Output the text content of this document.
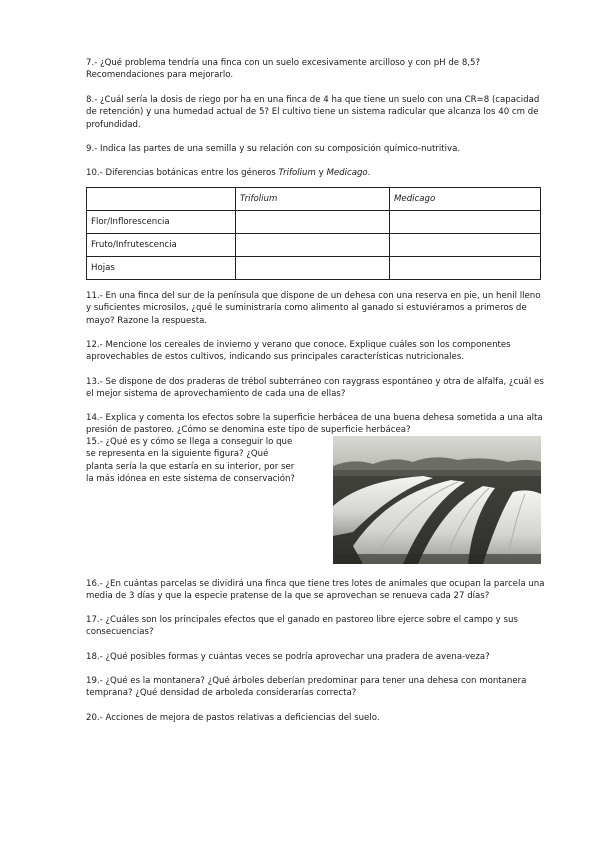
7.- ¿Qué problema tendría una finca con un suelo excesivamente arcilloso y con pH de 8,5? Recomendaciones para mejorarlo.

8.- ¿Cuál sería la dosis de riego por ha en una finca de 4 ha que tiene un suelo con una CR=8 (capacidad de retención) y una humedad actual de 5? El cultivo tiene un sistema radicular que alcanza los 40 cm de profundidad.

9.- Indica las partes de una semilla y su relación con su composición químico-nutritiva.

10.- Diferencias botánicas entre los géneros Trifolium y Medicago.

	Trifolium	Medicago
Flor/Inflorescencia		
Fruto/Infrutescencia		
Hojas		

11.- En una finca del sur de la península que dispone de un dehesa con una reserva en pie, un henil lleno y suficientes microsilos, ¿qué le suministraría como alimento al ganado si estuviéramos a primeros de mayo? Razone la respuesta.

12.- Mencione los cereales de invierno y verano que conoce. Explique cuáles son los componentes aprovechables de estos cultivos, indicando sus principales características nutricionales.

13.- Se dispone de dos praderas de trébol subterráneo con raygrass espontáneo y otra de alfalfa, ¿cuál es el mejor sistema de aprovechamiento de cada una de ellas?

14.- Explica y comenta los efectos sobre la superficie herbácea de una buena dehesa sometida a una alta presión de pastoreo. ¿Cómo se denomina este tipo de superficie herbácea?

15.- ¿Qué es y cómo se llega a conseguir lo que se representa en la siguiente figura? ¿Qué planta sería la que estaría en su interior, por ser la más idónea en este sistema de conservación?

16.- ¿En cuántas parcelas se dividirá una finca que tiene tres lotes de animales que ocupan la parcela una media de 3 días y que la especie pratense de la que se aprovechan se renueva cada 27 días?

17.- ¿Cuáles son los principales efectos que el ganado en pastoreo libre ejerce sobre el campo y sus consecuencias?

18.- ¿Qué posibles formas y cuántas veces se podría aprovechar una pradera de avena-veza?

19.- ¿Qué es la montanera? ¿Qué árboles deberían predominar para tener una dehesa con montanera temprana? ¿Qué densidad de arboleda considerarías correcta?

20.- Acciones de mejora de pastos relativas a deficiencias del suelo.
